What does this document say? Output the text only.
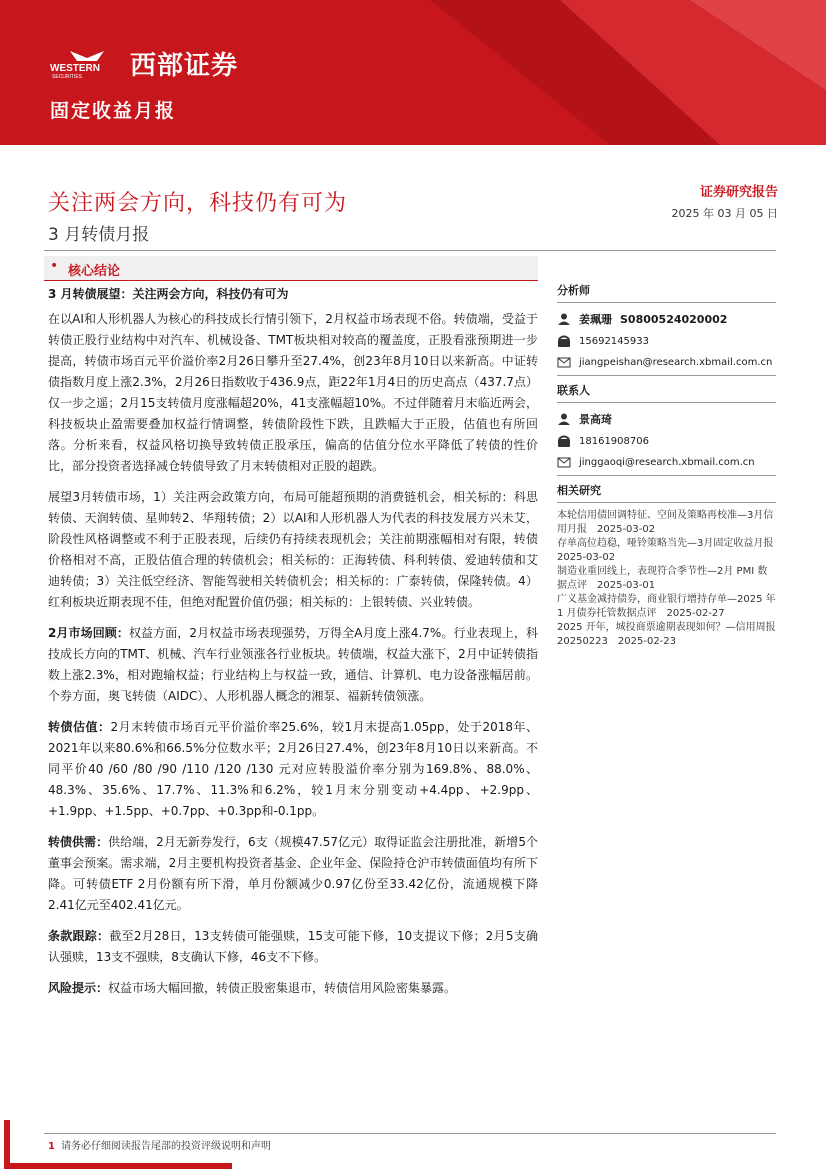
WESTERN
SECURITIES 西部证券
固定收益月报
关注两会方向，科技仍有可为
3 月转债月报
证券研究报告
2025 年 03 月 05 日
• 核心结论

3 月转债展望：关注两会方向，科技仍有可为

在以AI和人形机器人为核心的科技成长行情引领下，2月权益市场表现不俗。转债端，受益于转债正股行业结构中对汽车、机械设备、TMT板块相对较高的覆盖度，正股看涨预期进一步提高，转债市场百元平价溢价率2月26日攀升至27.4%，创23年8月10日以来新高。中证转债指数月度上涨2.3%，2月26日指数收于436.9点，距22年1月4日的历史高点（437.7点）仅一步之遥；2月15支转债月度涨幅超20%，41支涨幅超10%。不过伴随着月末临近两会，科技板块止盈需要叠加权益行情调整，转债阶段性下跌，且跌幅大于正股，估值也有所回落。分析来看，权益风格切换导致转债正股承压，偏高的估值分位水平降低了转债的性价比，部分投资者选择减仓转债导致了月末转债相对正股的超跌。

展望3月转债市场，1）关注两会政策方向，布局可能超预期的消费链机会，相关标的：科思转债、天润转债、星帅转2、华翔转债；2）以AI和人形机器人为代表的科技发展方兴未艾，阶段性风格调整或不利于正股表现，后续仍有持续表现机会；关注前期涨幅相对有限，转债价格相对不高，正股估值合理的转债机会；相关标的：正海转债、科利转债、爱迪转债和艾迪转债；3）关注低空经济、智能驾驶相关转债机会；相关标的：广泰转债，保隆转债。4）红利板块近期表现不佳，但绝对配置价值仍强；相关标的：上银转债、兴业转债。

2月市场回顾：权益方面，2月权益市场表现强势，万得全A月度上涨4.7%。行业表现上，科技成长方向的TMT、机械、汽车行业领涨各行业板块。转债端，权益大涨下，2月中证转债指数上涨2.3%，相对跑输权益；行业结构上与权益一致，通信、计算机、电力设备涨幅居前。个券方面，奥飞转债（AIDC）、人形机器人概念的湘泵、福新转债领涨。

转债估值：2月末转债市场百元平价溢价率25.6%，较1月末提高1.05pp，处于2018年、2021年以来80.6%和66.5%分位数水平；2月26日27.4%，创23年8月10日以来新高。不同平价40 /60 /80 /90 /110 /120 /130 元对应转股溢价率分别为169.8%、88.0%、48.3%、35.6%、17.7%、11.3%和6.2%，较1月末分别变动+4.4pp、+2.9pp、+1.9pp、+1.5pp、+0.7pp、+0.3pp和-0.1pp。

转债供需：供给端，2月无新券发行，6支（规模47.57亿元）取得证监会注册批准，新增5个董事会预案。需求端，2月主要机构投资者基金、企业年金、保险持仓沪市转债面值均有所下降。可转债ETF 2月份额有所下滑，单月份额减少0.97亿份至33.42亿份，流通规模下降2.41亿元至402.41亿元。

条款跟踪：截至2月28日，13支转债可能强赎，15支可能下修，10支提议下修；2月5支确认强赎，13支不强赎，8支确认下修，46支不下修。

风险提示：权益市场大幅回撤，转债正股密集退市，转债信用风险密集暴露。

分析师
姜珮珊 S0800524020002
15692145933
jiangpeishan@research.xbmail.com.cn
联系人
景高琦
18161908706
jinggaoqi@research.xbmail.com.cn
相关研究
本轮信用债回调特征、空间及策略再校准—3月信用月报　2025-03-02
存单高位趋稳，哑铃策略当先—3月固定收益月报　2025-03-02
制造业重回线上，表现符合季节性—2月 PMI 数据点评　2025-03-01
广义基金减持债券，商业银行增持存单—2025 年 1 月债券托管数据点评　2025-02-27
2025 开年，城投商票逾期表现如何？—信用周报 20250223　2025-02-23
1 请务必仔细阅读报告尾部的投资评级说明和声明
